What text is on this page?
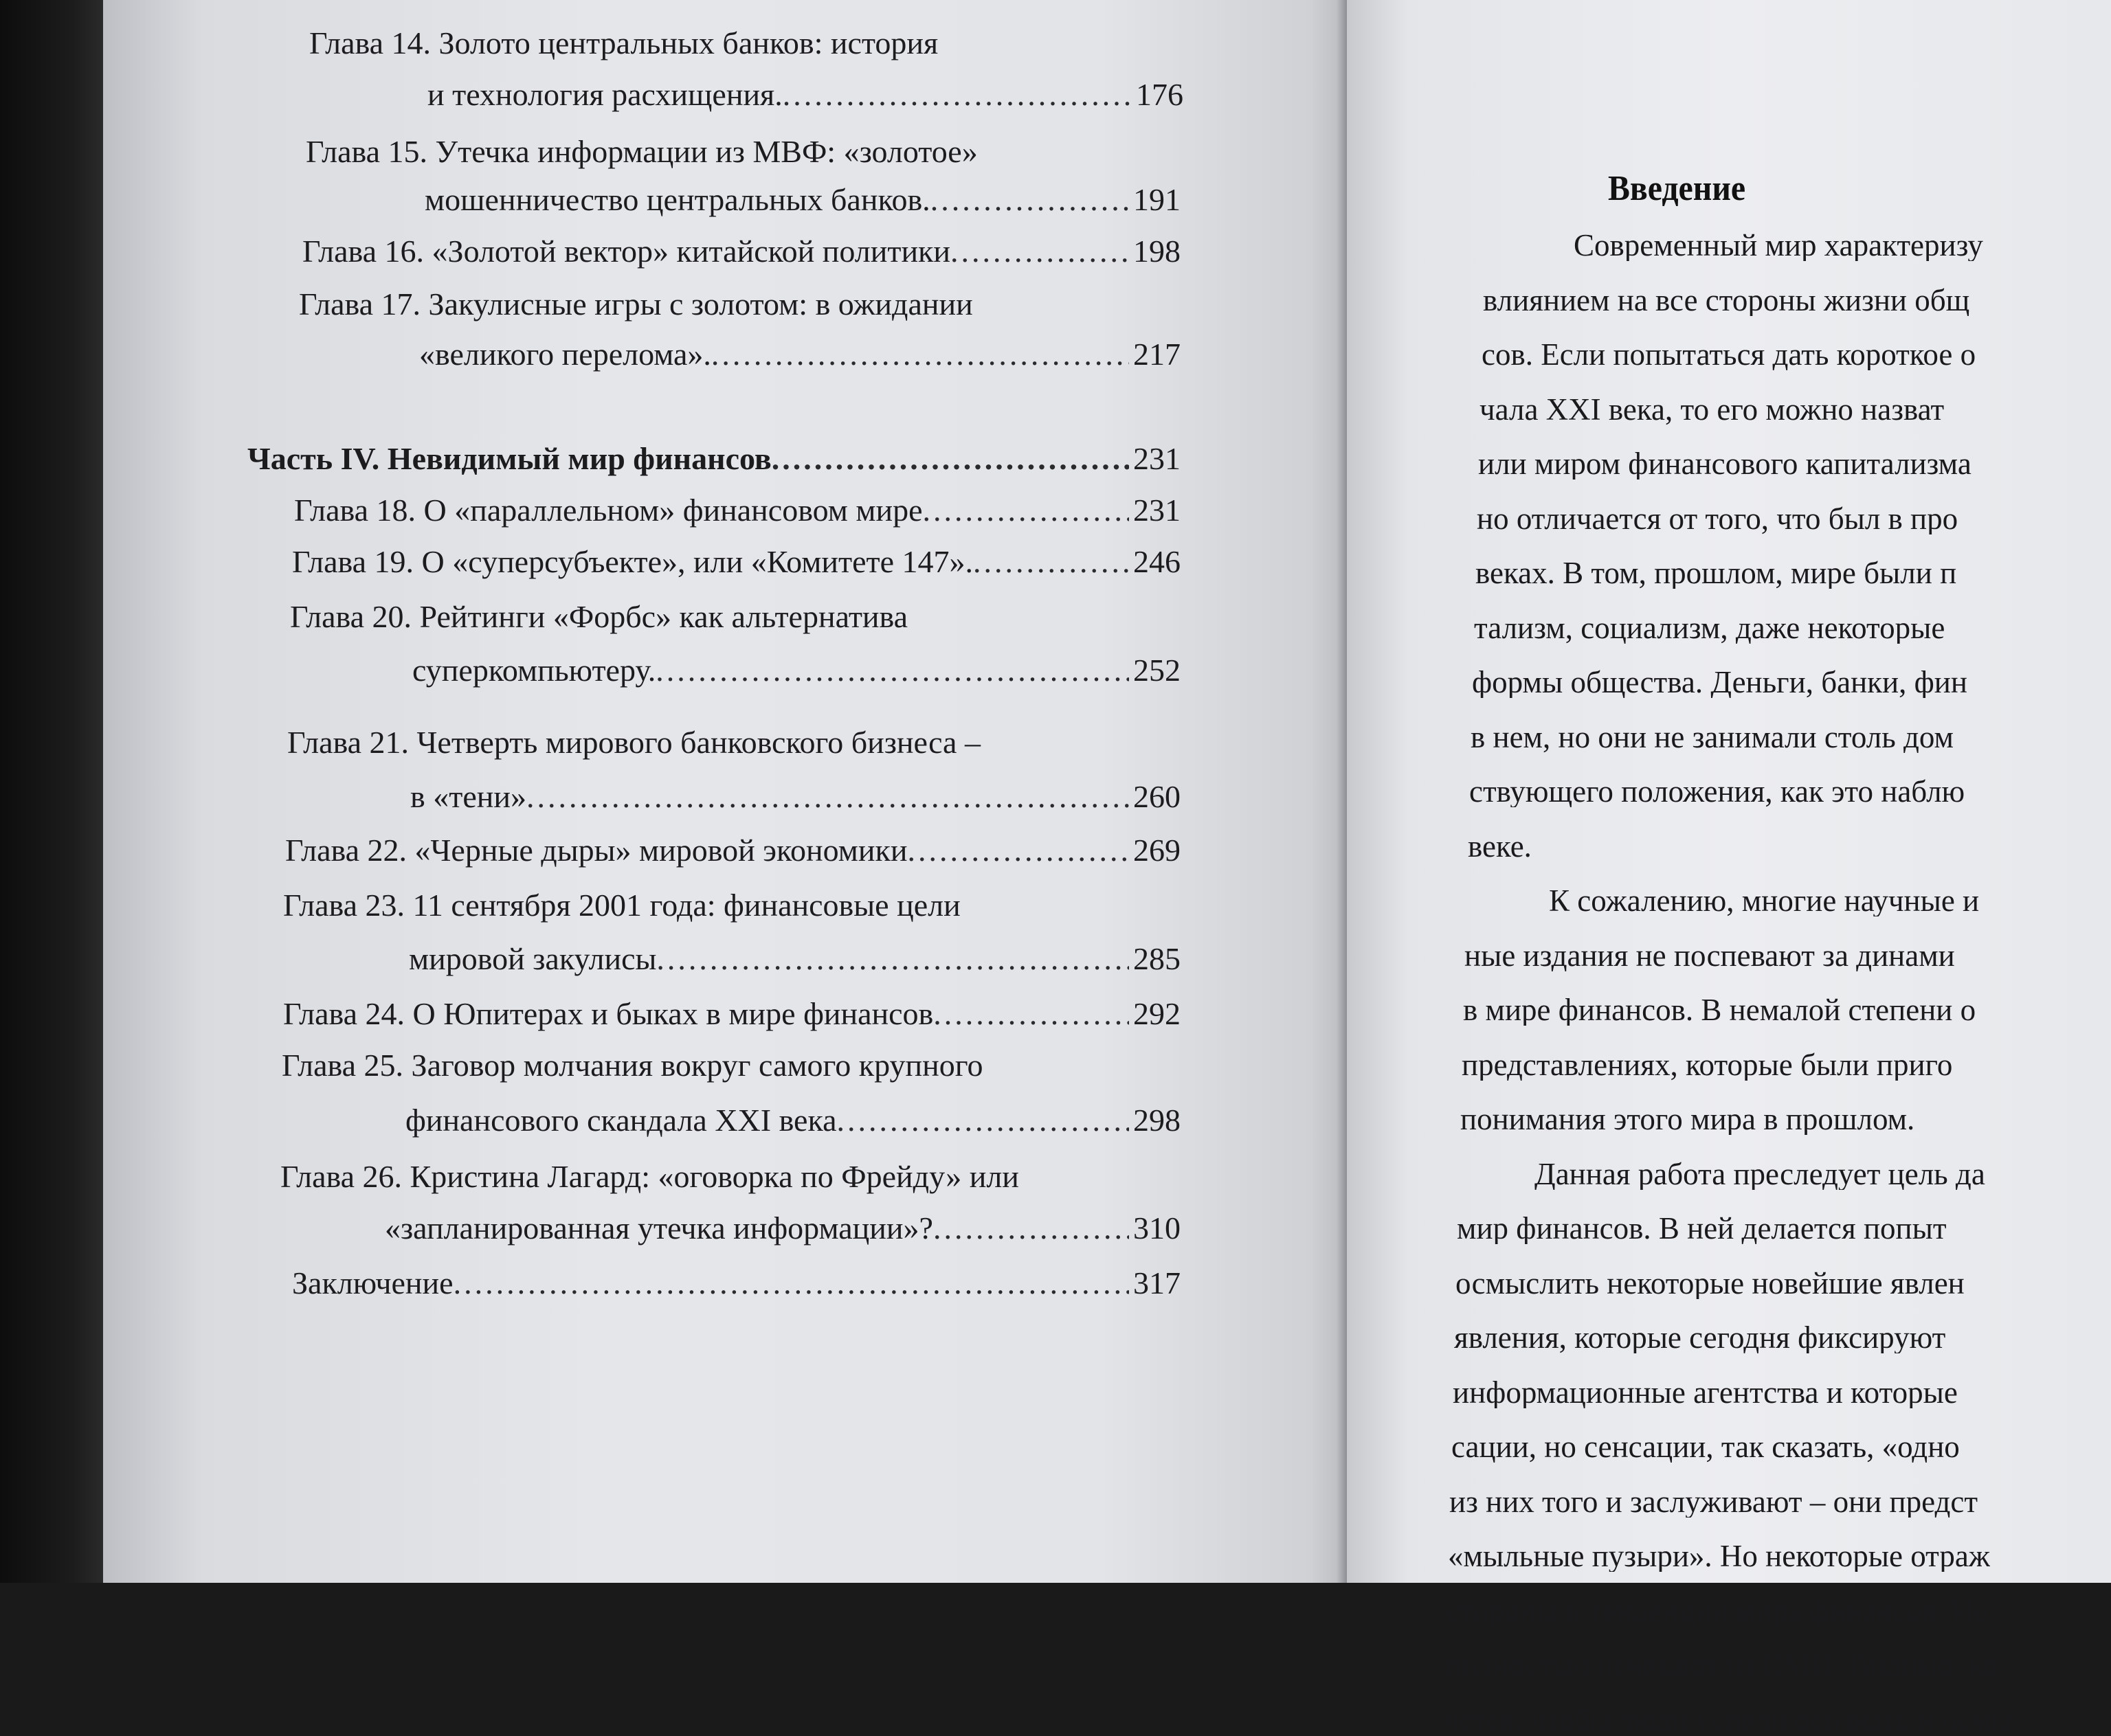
Глава 14. Золото центральных банков: история
и технология расхищения. .....	176
Глава 15. Утечка информации из МВФ: «золотое»
мошенничество центральных банков. .....	191
Глава 16. «Золотой вектор» китайской политики .....	198
Глава 17. Закулисные игры с золотом: в ожидании
«великого перелома». .....	217
Часть IV. Невидимый мир финансов .....	231
Глава 18. О «параллельном» финансовом мире .....	231
Глава 19. О «суперсубъекте», или «Комитете 147». .....	246
Глава 20. Рейтинги «Форбс» как альтернатива
суперкомпьютеру. .....	252
Глава 21. Четверть мирового банковского бизнеса –
в «тени» .....	260
Глава 22. «Черные дыры» мировой экономики .....	269
Глава 23. 11 сентября 2001 года: финансовые цели
мировой закулисы .....	285
Глава 24. О Юпитерах и быках в мире финансов .....	292
Глава 25. Заговор молчания вокруг самого крупного
финансового скандала XXI века .....	298
Глава 26. Кристина Лагард: «оговорка по Фрейду» или
«запланированная утечка информации»? .....	310
Заключение .....	317
Современный мир характеризу
влиянием на все стороны жизни общ
сов. Если попытаться дать короткое о
чала XXI века, то его можно назват
или миром финансового капитализма
но отличается от того, что был в про
веках. В том, прошлом, мире были п
тализм, социализм, даже некоторые
формы общества. Деньги, банки, фин
в нем, но они не занимали столь дом
ствующего положения, как это наблю
веке.
К сожалению, многие научные и
ные издания не поспевают за динами
в мире финансов. В немалой степени о
представлениях, которые были приго
понимания этого мира в прошлом.
Данная работа преследует цель да
мир финансов. В ней делается попыт
осмыслить некоторые новейшие явлен
явления, которые сегодня фиксируют
информационные агентства и которые
сации, но сенсации, так сказать, «одно
из них того и заслуживают – они предст
«мыльные пузыри». Но некоторые отраж
стороны и тенденции мира финансов. Не
полностью исчезают из СМИ. Видимо, ко
чется, чтобы люди успели осознать и осмы
Введение
